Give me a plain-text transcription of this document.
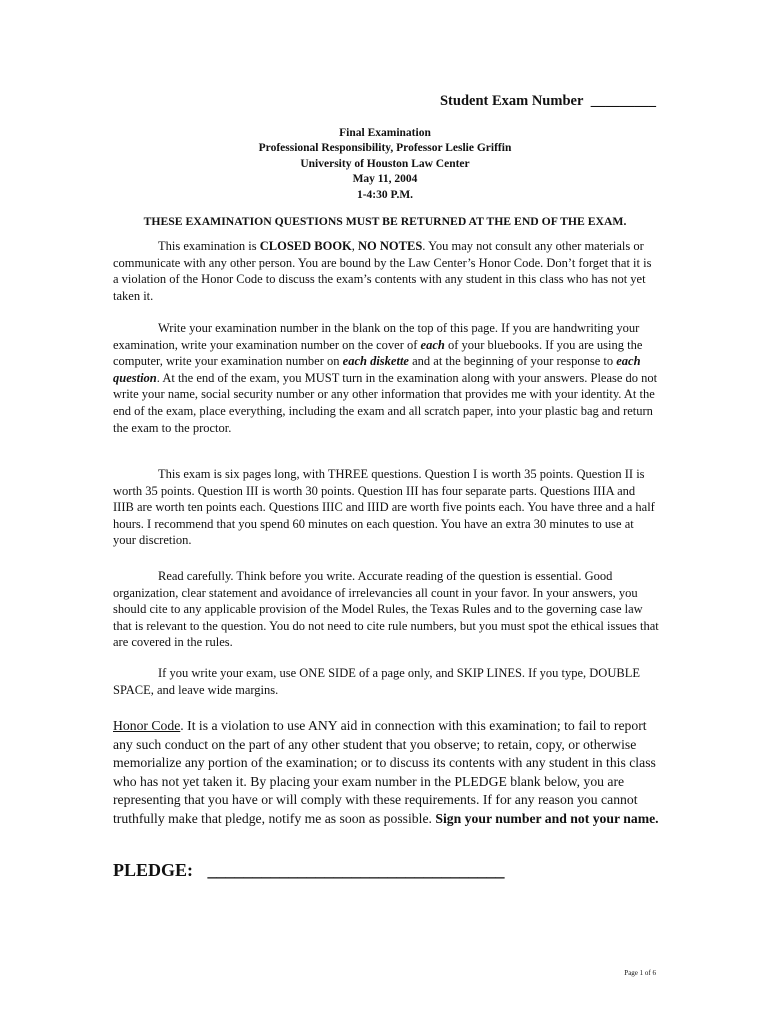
Student Exam Number _________
Final Examination
Professional Responsibility, Professor Leslie Griffin
University of Houston Law Center
May 11, 2004
1-4:30 P.M.
THESE EXAMINATION QUESTIONS MUST BE RETURNED AT THE END OF THE EXAM.

This examination is CLOSED BOOK, NO NOTES. You may not consult any other materials or communicate with any other person. You are bound by the Law Center’s Honor Code. Don’t forget that it is a violation of the Honor Code to discuss the exam’s contents with any student in this class who has not yet taken it.

Write your examination number in the blank on the top of this page. If you are handwriting your examination, write your examination number on the cover of each of your bluebooks. If you are using the computer, write your examination number on each diskette and at the beginning of your response to each question. At the end of the exam, you MUST turn in the examination along with your answers. Please do not write your name, social security number or any other information that provides me with your identity. At the end of the exam, place everything, including the exam and all scratch paper, into your plastic bag and return the exam to the proctor.

This exam is six pages long, with THREE questions. Question I is worth 35 points. Question II is worth 35 points. Question III is worth 30 points. Question III has four separate parts. Questions IIIA and IIIB are worth ten points each. Questions IIIC and IIID are worth five points each. You have three and a half hours. I recommend that you spend 60 minutes on each question. You have an extra 30 minutes to use at your discretion.

Read carefully. Think before you write. Accurate reading of the question is essential. Good organization, clear statement and avoidance of irrelevancies all count in your favor. In your answers, you should cite to any applicable provision of the Model Rules, the Texas Rules and to the governing case law that is relevant to the question. You do not need to cite rule numbers, but you must spot the ethical issues that are covered in the rules.

If you write your exam, use ONE SIDE of a page only, and SKIP LINES. If you type, DOUBLE SPACE, and leave wide margins.

Honor Code. It is a violation to use ANY aid in connection with this examination; to fail to report any such conduct on the part of any other student that you observe; to retain, copy, or otherwise memorialize any portion of the examination; or to discuss its contents with any student in this class who has not yet taken it. By placing your exam number in the PLEDGE blank below, you are representing that you have or will comply with these requirements. If for any reason you cannot truthfully make that pledge, notify me as soon as possible. Sign your number and not your name.

PLEDGE: _________________________________
Page 1 of 6
